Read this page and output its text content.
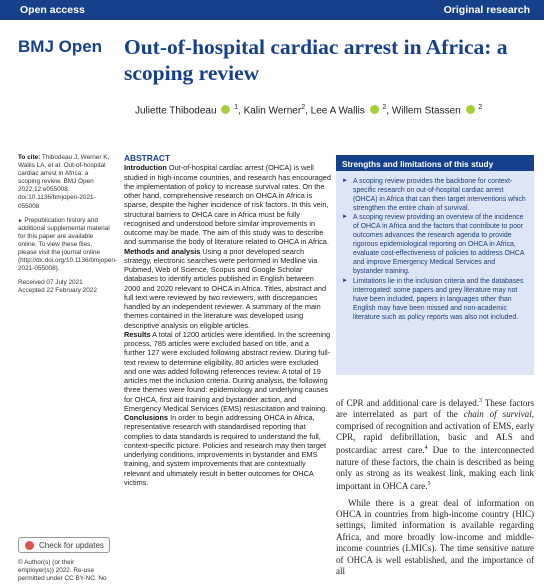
Open access	Original research
BMJ Open Out-of-hospital cardiac arrest in Africa: a scoping review
Juliette Thibodeau	$^1$, Kalin Werner$^2$, Lee A Wallis	$^2$, Willem Stassen	$^2$
To cite: Thibodeau J, Werner K, Wallis LA, et al. Out-of-hospital cardiac arrest in Africa: a scoping review. BMJ Open 2022;12:e055008. doi:10.1136/bmjopen-2021-055008
► Prepublication history and additional supplemental material for this paper are available online. To view these files, please visit the journal online (http://dx.doi.org/10.1136/bmjopen-2021-055008).
Received 07 July 2021
Accepted 22 February 2022
Check for updates
© Author(s) (or their employer(s)) 2022. Re-use permitted under CC BY-NC. No
ABSTRACT

Introduction Out-of-hospital cardiac arrest (OHCA) is well studied in high-income countries, and research has encouraged the implementation of policy to increase survival rates. On the other hand, comprehensive research on OHCA in Africa is sparse, despite the higher incidence of risk factors. In this vein, structural barriers to OHCA care in Africa must be fully recognised and understood before similar improvements in outcome may be made. The aim of this study was to describe and summarise the body of literature related to OHCA in Africa.

Methods and analysis Using a prior developed search strategy, electronic searches were performed in Medline via Pubmed, Web of Science, Scopus and Google Scholar databases to identify articles published in English between 2000 and 2020 relevant to OHCA in Africa. Titles, abstract and full text were reviewed by two reviewers, with discrepancies handled by an independent reviewer. A summary of the main themes contained in the literature was developed using descriptive analysis on eligible articles.

Results A total of 1200 articles were identified. In the screening process, 785 articles were excluded based on title, and a further 127 were excluded following abstract review. During full-text review to determine eligibility, 80 articles were excluded and one was added following references review. A total of 19 articles met the inclusion criteria. During analysis, the following three themes were found: epidemiology and underlying causes for OHCA, first aid training and bystander action, and Emergency Medical Services (EMS) resuscitation and training.

Conclusions In order to begin addressing OHCA in Africa, representative research with standardised reporting that complies to data standards is required to understand the full, context-specific picture. Policies and research may then target underlying conditions, improvements in bystander and EMS training, and system improvements that are contextually relevant and ultimately result in better outcomes for OHCA victims.

Strengths and limitations of this study
► A scoping review provides the backbone for context-specific research on out-of-hospital cardiac arrest (OHCA) in Africa that can then target interventions which strengthen the entire chain of survival.
► A scoping review providing an overview of the incidence of OHCA in Africa and the factors that contribute to poor outcomes advances the research agenda to provide rigorous epidemiological reporting on OHCA in Africa, evaluate cost-effectiveness of policies to address OHCA and improve Emergency Medical Services and bystander training.
► Limitations lie in the inclusion criteria and the databases interrogated: some papers and grey literature may not have been included, papers in languages other than English may have been missed and non-academic literature such as policy reports was also not included.

of CPR and additional care is delayed.$^3$ These factors are interrelated as part of the chain of survival, comprised of recognition and activation of EMS, early CPR, rapid defibrillation, basic and ALS and postcardiac arrest care.$^4$ Due to the interconnected nature of these factors, the chain is described as being only as strong as its weakest link, making each link important in OHCA care.$^5$

While there is a great deal of information on OHCA in countries from high-income country (HIC) settings, limited information is available regarding Africa, and more broadly low-income and middle-income countries (LMICs). The time sensitive nature of OHCA is well established, and the importance of all
